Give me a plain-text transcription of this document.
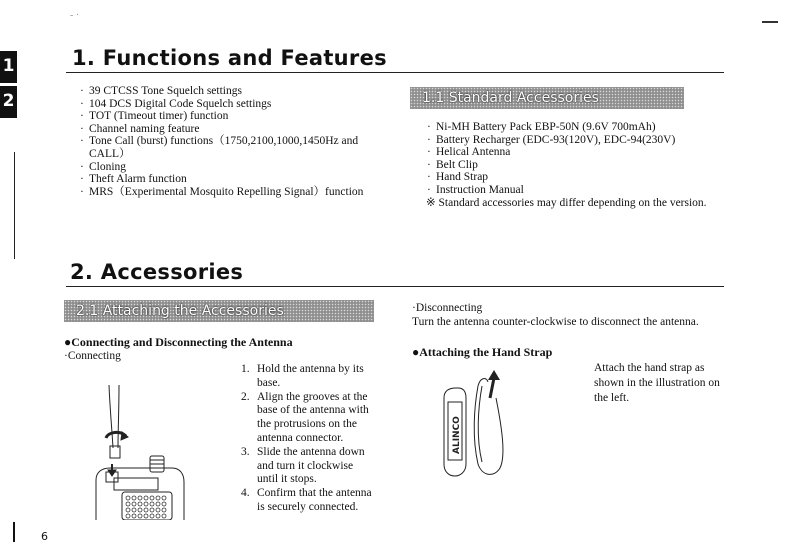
- ·
1
2
1. Functions and Features
· 39 CTCSS Tone Squelch settings
· 104 DCS Digital Code Squelch settings
· TOT (Timeout timer) function
· Channel naming feature
· Tone Call (burst) functions（1750,2100,1000,1450Hz and CALL）
· Cloning
· Theft Alarm function
· MRS（Experimental Mosquito Repelling Signal）function
1.1 Standard Accessories
· Ni-MH Battery Pack EBP-50N (9.6V 700mAh)
· Battery Recharger (EDC-93(120V), EDC-94(230V)
· Helical Antenna
· Belt Clip
· Hand Strap
· Instruction Manual
※ Standard accessories may differ depending on the version.
2. Accessories
2.1 Attaching the Accessories
●Connecting and Disconnecting the Antenna
·Connecting
1. Hold the antenna by its base.
2. Align the grooves at the base of the antenna with the protrusions on the antenna connector.
3. Slide the antenna down and turn it clockwise until it stops.
4. Confirm that the antenna is securely connected.
·Disconnecting
Turn the antenna counter-clockwise to disconnect the antenna.
●Attaching the Hand Strap
ALINCO
Attach the hand strap as shown in the illustration on the left.
6
